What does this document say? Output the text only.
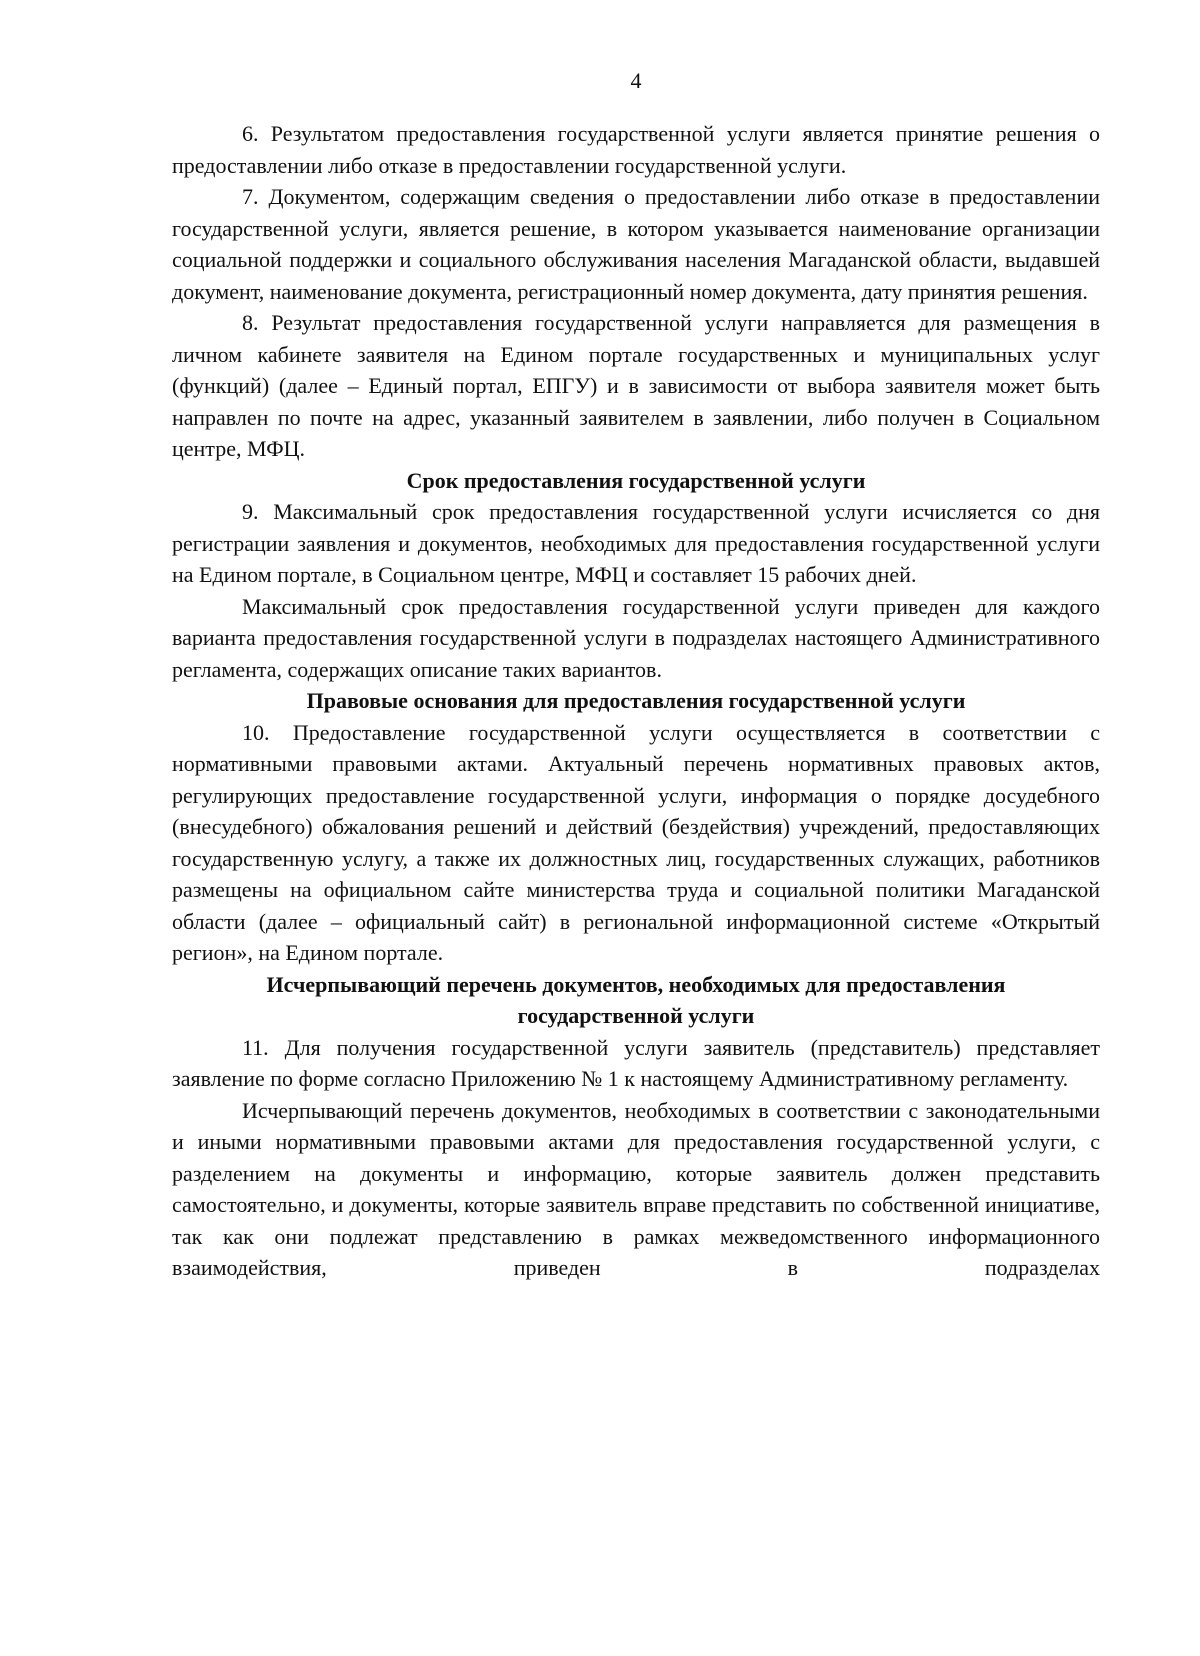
4

6. Результатом предоставления государственной услуги является принятие решения о предоставлении либо отказе в предоставлении государственной услуги.

7. Документом, содержащим сведения о предоставлении либо отказе в предоставлении государственной услуги, является решение, в котором указывается наименование организации социальной поддержки и социального обслуживания населения Магаданской области, выдавшей документ, наименование документа, регистрационный номер документа, дату принятия решения.

8. Результат предоставления государственной услуги направляется для размещения в личном кабинете заявителя на Едином портале государственных и муниципальных услуг (функций) (далее – Единый портал, ЕПГУ) и в зависимости от выбора заявителя может быть направлен по почте на адрес, указанный заявителем в заявлении, либо получен в Социальном центре, МФЦ.

Срок предоставления государственной услуги

9. Максимальный срок предоставления государственной услуги исчисляется со дня регистрации заявления и документов, необходимых для предоставления государственной услуги на Едином портале, в Социальном центре, МФЦ и составляет 15 рабочих дней.

Максимальный срок предоставления государственной услуги приведен для каждого варианта предоставления государственной услуги в подразделах настоящего Административного регламента, содержащих описание таких вариантов.

Правовые основания для предоставления государственной услуги

10. Предоставление государственной услуги осуществляется в соответствии с нормативными правовыми актами. Актуальный перечень нормативных правовых актов, регулирующих предоставление государственной услуги, информация о порядке досудебного (внесудебного) обжалования решений и действий (бездействия) учреждений, предоставляющих государственную услугу, а также их должностных лиц, государственных служащих, работников размещены на официальном сайте министерства труда и социальной политики Магаданской области (далее – официальный сайт) в региональной информационной системе «Открытый регион», на Едином портале.

Исчерпывающий перечень документов, необходимых для предоставления государственной услуги

11. Для получения государственной услуги заявитель (представитель) представляет заявление по форме согласно Приложению № 1 к настоящему Административному регламенту.

Исчерпывающий перечень документов, необходимых в соответствии с законодательными и иными нормативными правовыми актами для предоставления государственной услуги, с разделением на документы и информацию, которые заявитель должен представить самостоятельно, и документы, которые заявитель вправе представить по собственной инициативе, так как они подлежат представлению в рамках межведомственного информационного взаимодействия, приведен в подразделах
